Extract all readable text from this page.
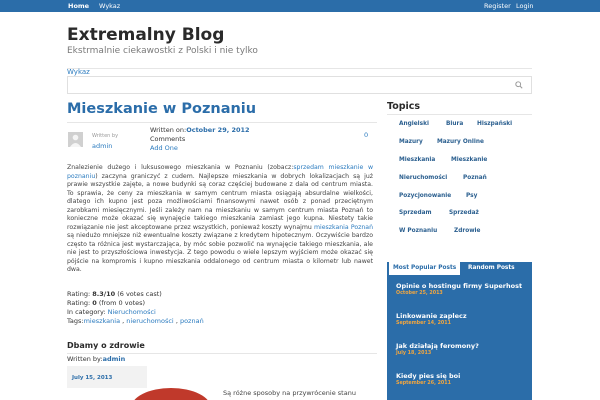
Home Wykaz	Register Login
Extremalny Blog
Ekstrmalnie ciekawostki z Polski i nie tylko
Wykaz
Mieszkanie w Poznaniu
Written by
admin
Written on:October 29, 2012
Comments
Add One
0
Znalezienie dużego i luksusowego mieszkania w Poznaniu (zobacz:sprzedam mieszkanie w poznaniu) zaczyna graniczyć z cudem. Najlepsze mieszkania w dobrych lokalizacjach są już prawie wszystkie zajęte, a nowe budynki są coraz częściej budowane z dala od centrum miasta. To sprawia, że ceny za mieszkania w samym centrum miasta osiągają absurdalne wielkości, dlatego ich kupno jest poza możliwościami finansowymi nawet osób z ponad przeciętnym zarobkami miesięcznymi. Jeśli zależy nam na mieszkaniu w samym centrum miasta Poznań to konieczne może okazać się wynajęcie takiego mieszkania zamiast jego kupna. Niestety takie rozwiązanie nie jest akceptowane przez wszystkich, ponieważ koszty wynajmu mieszkania Poznań są niedużo mniejsze niż ewentualne koszty związane z kredytem hipotecznym. Oczywiście bardzo często ta różnica jest wystarczająca, by móc sobie pozwolić na wynajęcie takiego mieszkania, ale nie jest to przyszłościowa inwestycja. Z tego powodu o wiele lepszym wyjściem może okazać się pójście na kompromis i kupno mieszkania oddalonego od centrum miasta o kilometr lub nawet dwa.
Rating: 8.3/10 (6 votes cast)
Rating: 0 (from 0 votes)
In category: Nieruchomości
Tags:mieszkania , nieruchomości , poznań
Dbamy o zdrowie
Written by:admin
July 15, 2013
Są różne sposoby na przywrócenie stanu
Topics
Angielski	Biura Hiszpański
Mazury Mazury Online
Mieszkania	Mieszkanie
Nieruchomości	Poznań
Pozycjonowanie	Psy
Sprzedam	Sprzedaż
W Poznaniu	Zdrowie
Most Popular Posts	Random Posts
Opinie o hostingu firmy Superhost
October 25, 2013
Linkowanie zaplecz
September 14, 2011
Jak działają feromony?
July 18, 2013
Kiedy pies się boi
September 26, 2011
